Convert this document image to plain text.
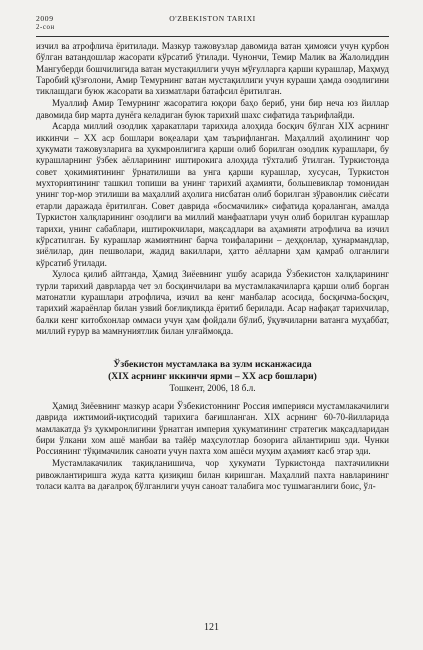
2009
2-сон
O'ZBEKISTON TARIXI

изчил ва атрофлича ёритилади. Мазкур тажовузлар давомида ватан ҳимояси учун қурбон бўлган ватандошлар жасорати кўрсатиб ўтилади. Чунончи, Темир Малик ва Жалолиддин Мангуберди бошчилигида ватан мустақиллиги учун мўғулларга қарши курашлар, Маҳмуд Таробий қўзғолони, Амир Темурнинг ватан мустақиллиги учун кураши ҳамда озодлигини тиклашдаги буюк жасорати ва хизматлари батафсил ёритилган.

Муаллиф Амир Темурнинг жасоратига юқори баҳо бериб, уни бир неча юз йиллар давомида бир марта дунёга келадиган буюк тарихий шахс сифатида таърифлайди.

Асарда миллий озодлик ҳаракатлари тарихида алоҳида босқич бўлган XIX асрнинг иккинчи – XX аср бошлари воқеалари ҳам таърифланган. Маҳаллий аҳолининг чор ҳукумати тажовузларига ва ҳукмронлигига қарши олиб борилган озодлик курашлари, бу курашларнинг ўзбек аёлларининг иштирокига алоҳида тўхталиб ўтилган. Туркистонда совет ҳокимиятининг ўрнатилиши ва унга қарши курашлар, хусусан, Туркистон мухториятининг ташкил топиши ва унинг тарихий аҳамияти, большевиклар томонидан унинг тор-мор этилиши ва маҳаллий аҳолига нисбатан олиб борилган зўравонлик сиёсати етарли даражада ёритилган. Совет даврида «босмачилик» сифатида қораланган, амалда Туркистон халқларининг озодлиги ва миллий манфаатлари учун олиб борилган курашлар тарихи, унинг сабаблари, иштирокчилари, мақсадлари ва аҳамияти атрофлича ва изчил кўрсатилган. Бу курашлар жамиятнинг барча тоифаларини – деҳқонлар, ҳунармандлар, зиёлилар, дин пешволари, жадид вакиллари, ҳатто аёлларни ҳам қамраб олганлиги кўрсатиб ўтилади.

Хулоса қилиб айтганда, Ҳамид Зиёевнинг ушбу асарида Ўзбекистон халқларининг турли тарихий даврларда чет эл босқинчилари ва мустамлакачиларга қарши олиб борган матонатли курашлари атрофлича, изчил ва кенг манбалар асосида, босқичма-босқич, тарихий жараёнлар билан узвий боғлиқликда ёритиб берилади. Асар нафақат тарихчилар, балки кенг китобхонлар оммаси учун ҳам фойдали бўлиб, ўқувчиларни ватанга муҳаббат, миллий ғурур ва мамнуниятлик билан улғаймоқда.

Ўзбекистон мустамлака ва зулм исканжасида
(XIX асрнинг иккинчи ярми – XX аср бошлари)
Тошкент, 2006, 18 б.л.

Ҳамид Зиёевнинг мазкур асари Ўзбекистоннинг Россия империяси мустамлакачилиги даврида ижтимоий-иқтисодий тарихига бағишланган. XIX асрнинг 60-70-йилларида мамлакатда ўз ҳукмронлигини ўрнатган империя ҳукуматининг стратегик мақсадларидан бири ўлкани хом ашё манбаи ва тайёр маҳсулотлар бозорига айлантириш эди. Чунки Россиянинг тўқимачилик саноати учун пахта хом ашёси муҳим аҳамият касб этар эди.

Мустамлакачилик тақиқланишича, чор ҳукумати Туркистонда пахтачиликни ривожлантиришга жуда катта қизиқиш билан киришган. Маҳаллий пахта навларининг толаси калта ва дағалроқ бўлганлиги учун саноат талабига мос тушмаганлиги боис, ўл-

121
